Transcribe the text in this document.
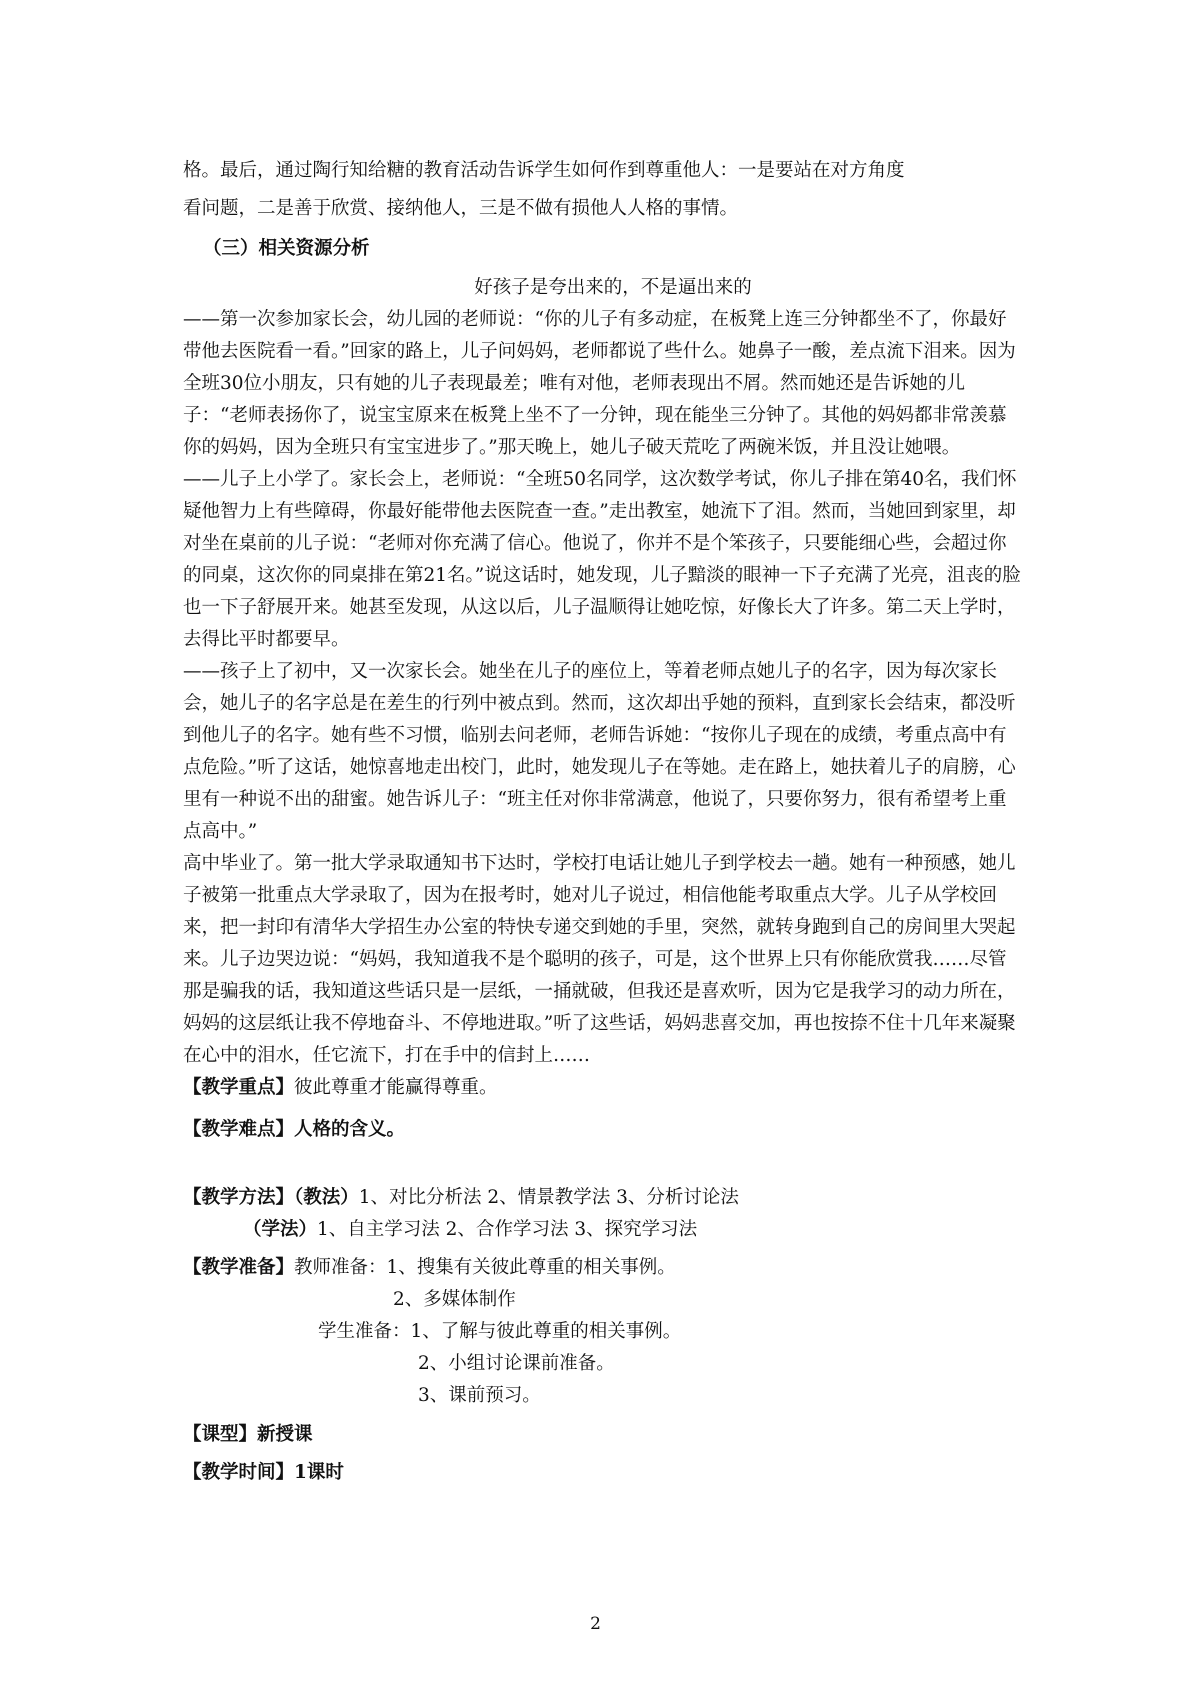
格。最后，通过陶行知给糖的教育活动告诉学生如何作到尊重他人：一是要站在对方角度

看问题，二是善于欣赏、接纳他人，三是不做有损他人人格的事情。

（三）相关资源分析

好孩子是夸出来的，不是逼出来的

——第一次参加家长会，幼儿园的老师说：“你的儿子有多动症，在板凳上连三分钟都坐不了，你最好带他去医院看一看。”回家的路上，儿子问妈妈，老师都说了些什么。她鼻子一酸，差点流下泪来。因为全班30位小朋友，只有她的儿子表现最差；唯有对他，老师表现出不屑。然而她还是告诉她的儿子：“老师表扬你了，说宝宝原来在板凳上坐不了一分钟，现在能坐三分钟了。其他的妈妈都非常羡慕你的妈妈，因为全班只有宝宝进步了。”那天晚上，她儿子破天荒吃了两碗米饭，并且没让她喂。

——儿子上小学了。家长会上，老师说：“全班50名同学，这次数学考试，你儿子排在第40名，我们怀疑他智力上有些障碍，你最好能带他去医院查一查。”走出教室，她流下了泪。然而，当她回到家里，却对坐在桌前的儿子说：“老师对你充满了信心。他说了，你并不是个笨孩子，只要能细心些，会超过你的同桌，这次你的同桌排在第21名。”说这话时，她发现，儿子黯淡的眼神一下子充满了光亮，沮丧的脸也一下子舒展开来。她甚至发现，从这以后，儿子温顺得让她吃惊，好像长大了许多。第二天上学时，去得比平时都要早。

——孩子上了初中，又一次家长会。她坐在儿子的座位上，等着老师点她儿子的名字，因为每次家长会，她儿子的名字总是在差生的行列中被点到。然而，这次却出乎她的预料，直到家长会结束，都没听到他儿子的名字。她有些不习惯，临别去问老师，老师告诉她：“按你儿子现在的成绩，考重点高中有点危险。”听了这话，她惊喜地走出校门，此时，她发现儿子在等她。走在路上，她扶着儿子的肩膀，心里有一种说不出的甜蜜。她告诉儿子：“班主任对你非常满意，他说了，只要你努力，很有希望考上重点高中。”

高中毕业了。第一批大学录取通知书下达时，学校打电话让她儿子到学校去一趟。她有一种预感，她儿子被第一批重点大学录取了，因为在报考时，她对儿子说过，相信他能考取重点大学。儿子从学校回来，把一封印有清华大学招生办公室的特快专递交到她的手里，突然，就转身跑到自己的房间里大哭起来。儿子边哭边说：“妈妈，我知道我不是个聪明的孩子，可是，这个世界上只有你能欣赏我……尽管那是骗我的话，我知道这些话只是一层纸，一捅就破，但我还是喜欢听，因为它是我学习的动力所在，妈妈的这层纸让我不停地奋斗、不停地进取。”听了这些话，妈妈悲喜交加，再也按捺不住十几年来凝聚在心中的泪水，任它流下，打在手中的信封上……

【教学重点】彼此尊重才能赢得尊重。

【教学难点】人格的含义。

【教学方法】（教法）1、对比分析法 2、情景教学法 3、分析讨论法

（学法）1、自主学习法 2、合作学习法 3、探究学习法

【教学准备】教师准备：1、搜集有关彼此尊重的相关事例。

2、多媒体制作

学生准备：1、了解与彼此尊重的相关事例。

2、小组讨论课前准备。

3、课前预习。

【课型】新授课

【教学时间】1课时

2
